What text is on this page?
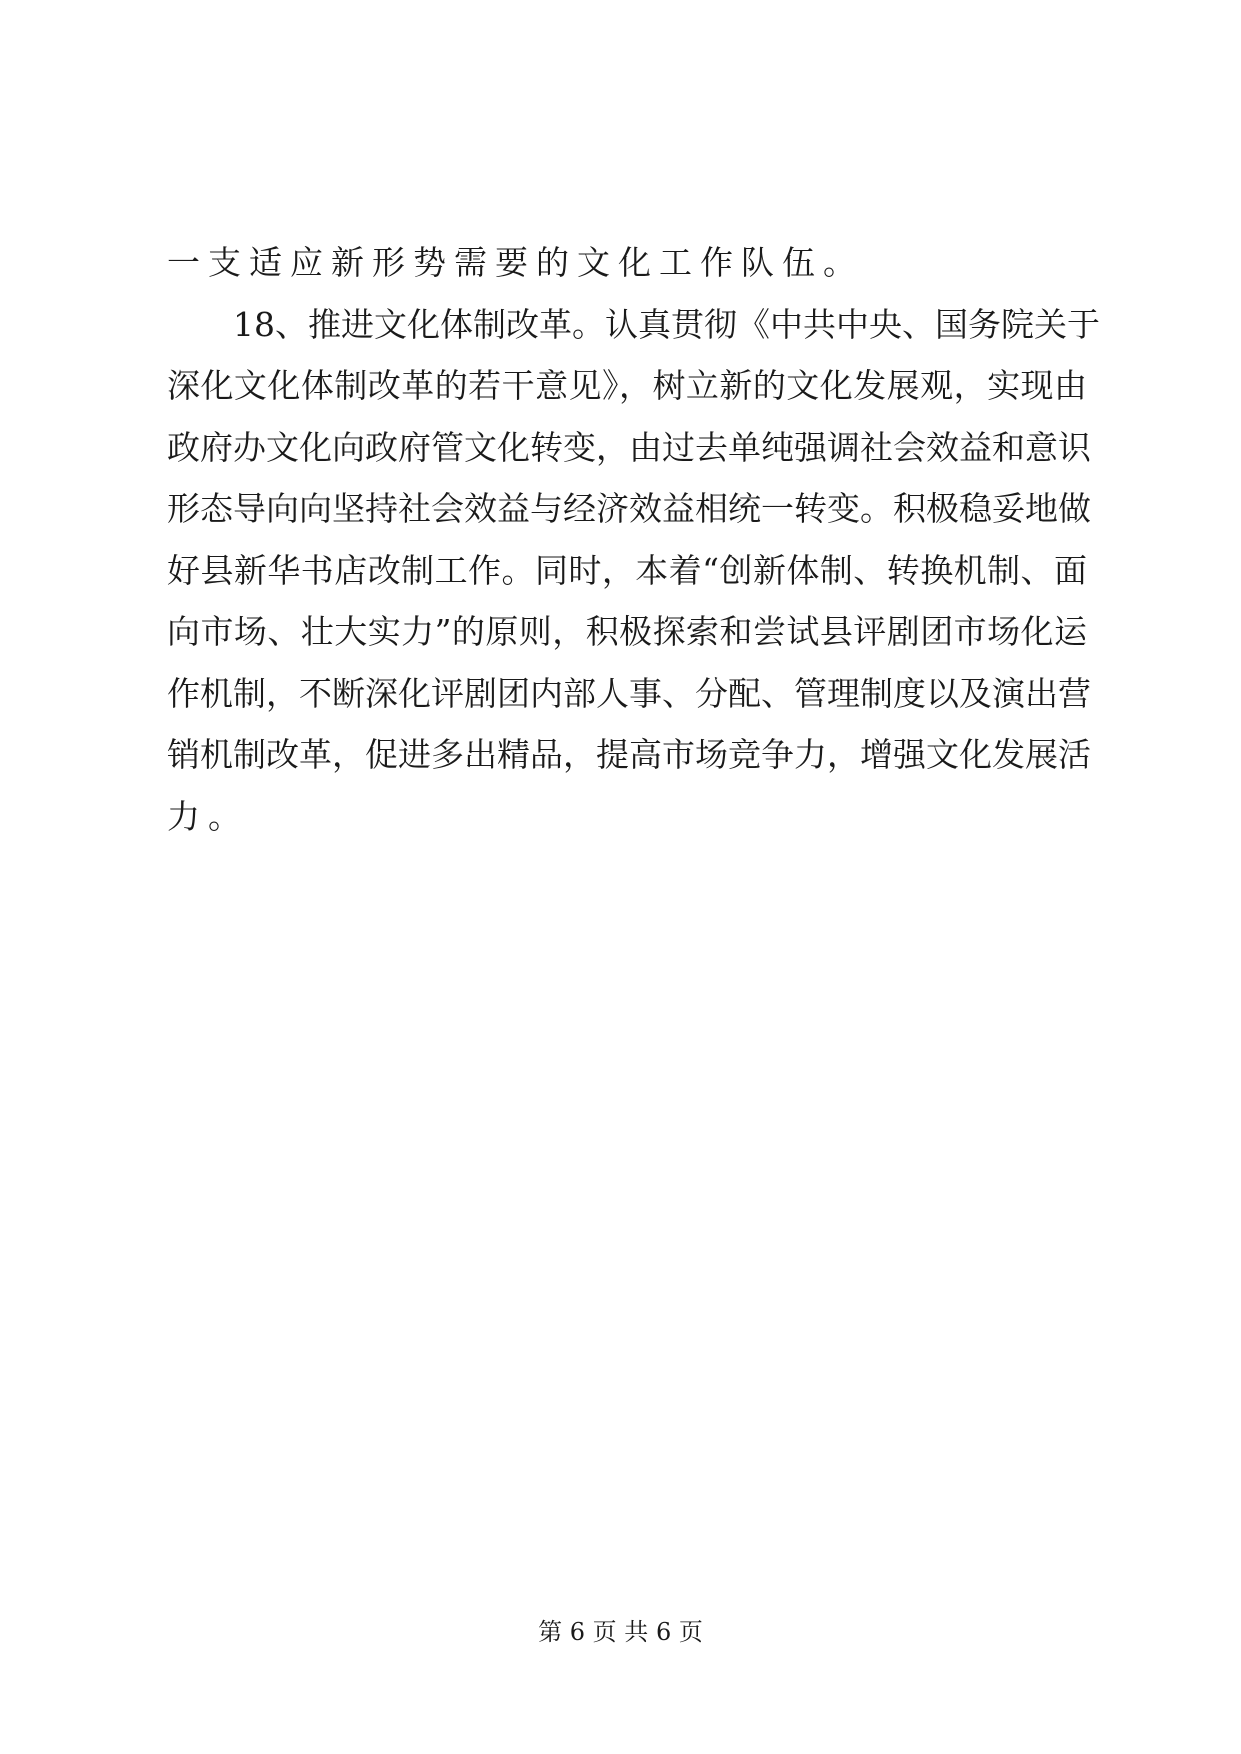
一支适应新形势需要的文化工作队伍。
18、推进文化体制改革。认真贯彻《中共中央、国务院关于
深化文化体制改革的若干意见》，树立新的文化发展观，实现由
政府办文化向政府管文化转变，由过去单纯强调社会效益和意识
形态导向向坚持社会效益与经济效益相统一转变。积极稳妥地做
好县新华书店改制工作。同时，本着“创新体制、转换机制、面
向市场、壮大实力”的原则，积极探索和尝试县评剧团市场化运
作机制，不断深化评剧团内部人事、分配、管理制度以及演出营
销机制改革，促进多出精品，提高市场竞争力，增强文化发展活
力。
第 6 页 共 6 页
